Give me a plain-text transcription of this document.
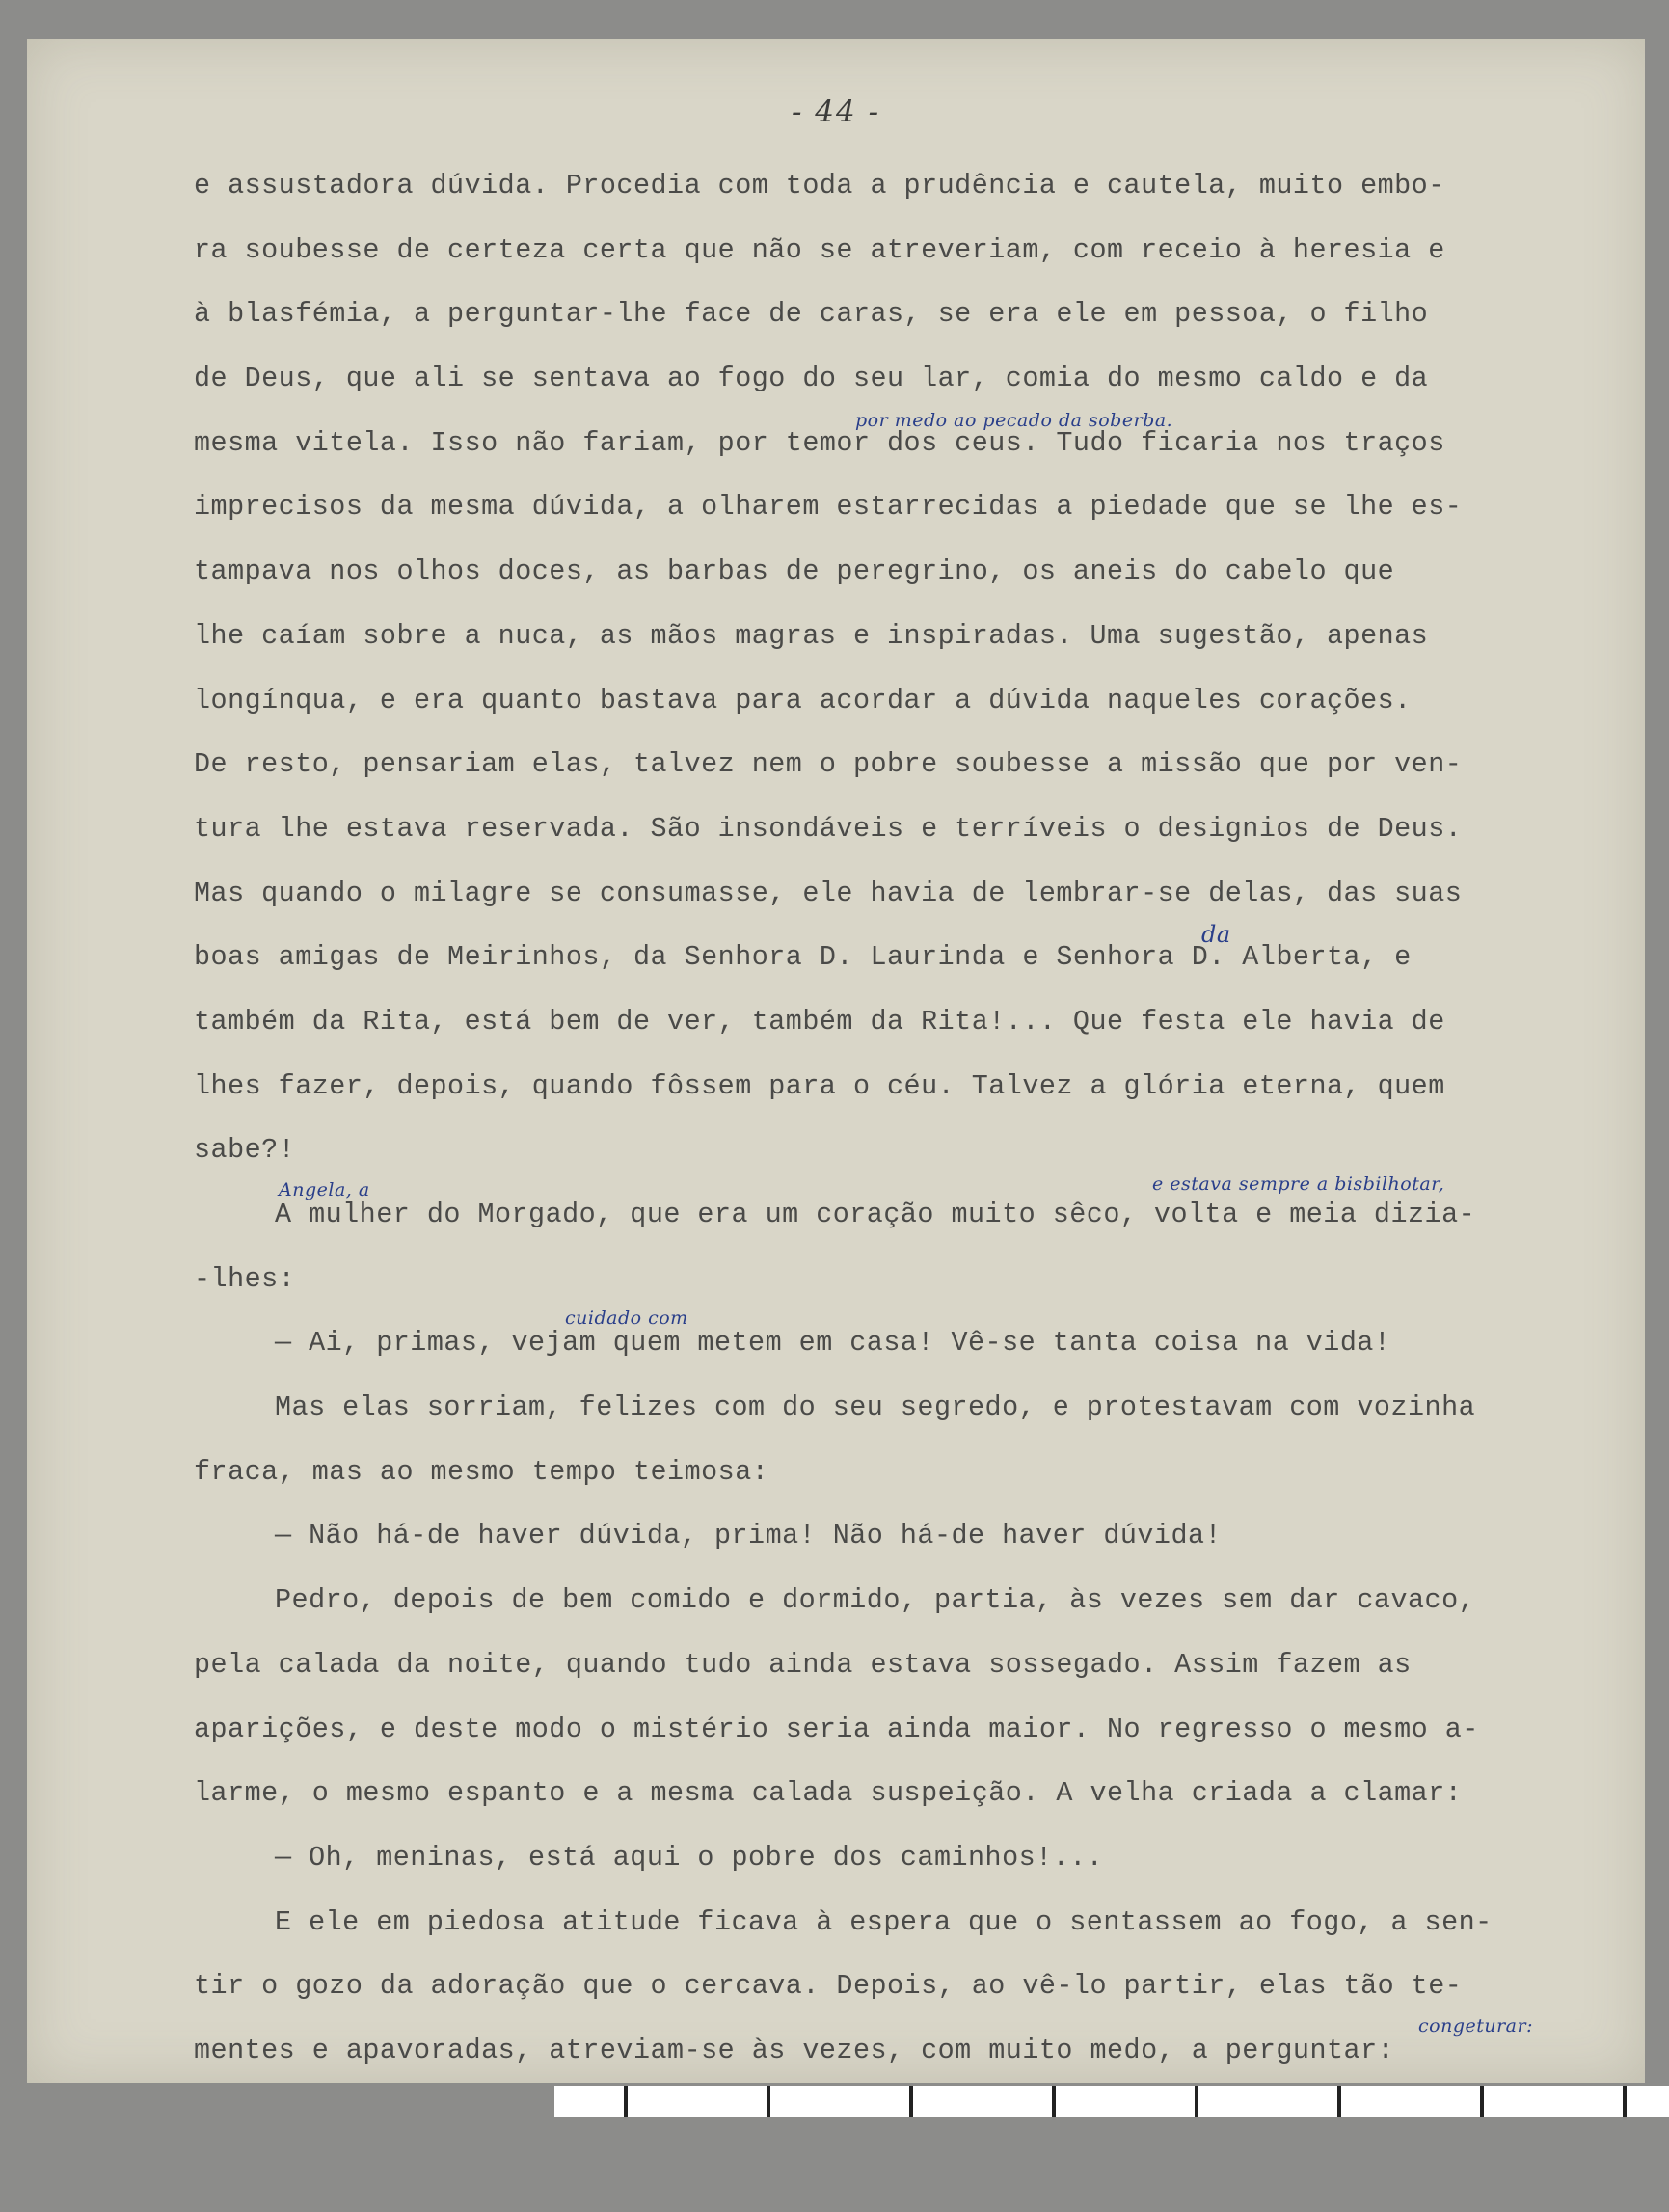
- 44 -
e assustadora dúvida. Procedia com toda a prudência e cautela, muito embo-
ra soubesse de certeza certa que não se atreveriam, com receio à heresia e
à blasfémia, a perguntar-lhe face de caras, se era ele em pessoa, o filho
de Deus, que ali se sentava ao fogo do seu lar, comia do mesmo caldo e da
mesma vitela. Isso não fariam, por temor dos ceus. Tudo ficaria nos traços

por medo ao pecado da soberba.

imprecisos da mesma dúvida, a olharem estarrecidas a piedade que se lhe es-
tampava nos olhos doces, as barbas de peregrino, os aneis do cabelo que
lhe caíam sobre a nuca, as mãos magras e inspiradas. Uma sugestão, apenas
longínqua, e era quanto bastava para acordar a dúvida naqueles corações.
De resto, pensariam elas, talvez nem o pobre soubesse a missão que por ven-
tura lhe estava reservada. São insondáveis e terríveis o designios de Deus.
Mas quando o milagre se consumasse, ele havia de lembrar-se delas, das suas
boas amigas de Meirinhos, da Senhora D. Laurinda e Senhora D. Alberta, e

da

também da Rita, está bem de ver, também da Rita!... Que festa ele havia de
lhes fazer, depois, quando fôssem para o céu. Talvez a glória eterna, quem
sabe?!
A mulher do Morgado, que era um coração muito sêco, volta e meia dizia-

Angela, a

	e estava sempre a bisbilhotar,

-lhes:
— Ai, primas, vejam quem metem em casa! Vê-se tanta coisa na vida!

cuidado com

Mas elas sorriam, felizes com do seu segredo, e protestavam com vozinha
fraca, mas ao mesmo tempo teimosa:
— Não há-de haver dúvida, prima! Não há-de haver dúvida!
Pedro, depois de bem comido e dormido, partia, às vezes sem dar cavaco,
pela calada da noite, quando tudo ainda estava sossegado. Assim fazem as
aparições, e deste modo o mistério seria ainda maior. No regresso o mesmo a-
larme, o mesmo espanto e a mesma calada suspeição. A velha criada a clamar:
— Oh, meninas, está aqui o pobre dos caminhos!...
E ele em piedosa atitude ficava à espera que o sentassem ao fogo, a sen-
tir o gozo da adoração que o cercava. Depois, ao vê-lo partir, elas tão te-
mentes e apavoradas, atreviam-se às vezes, com muito medo, a perguntar:

congeturar:
